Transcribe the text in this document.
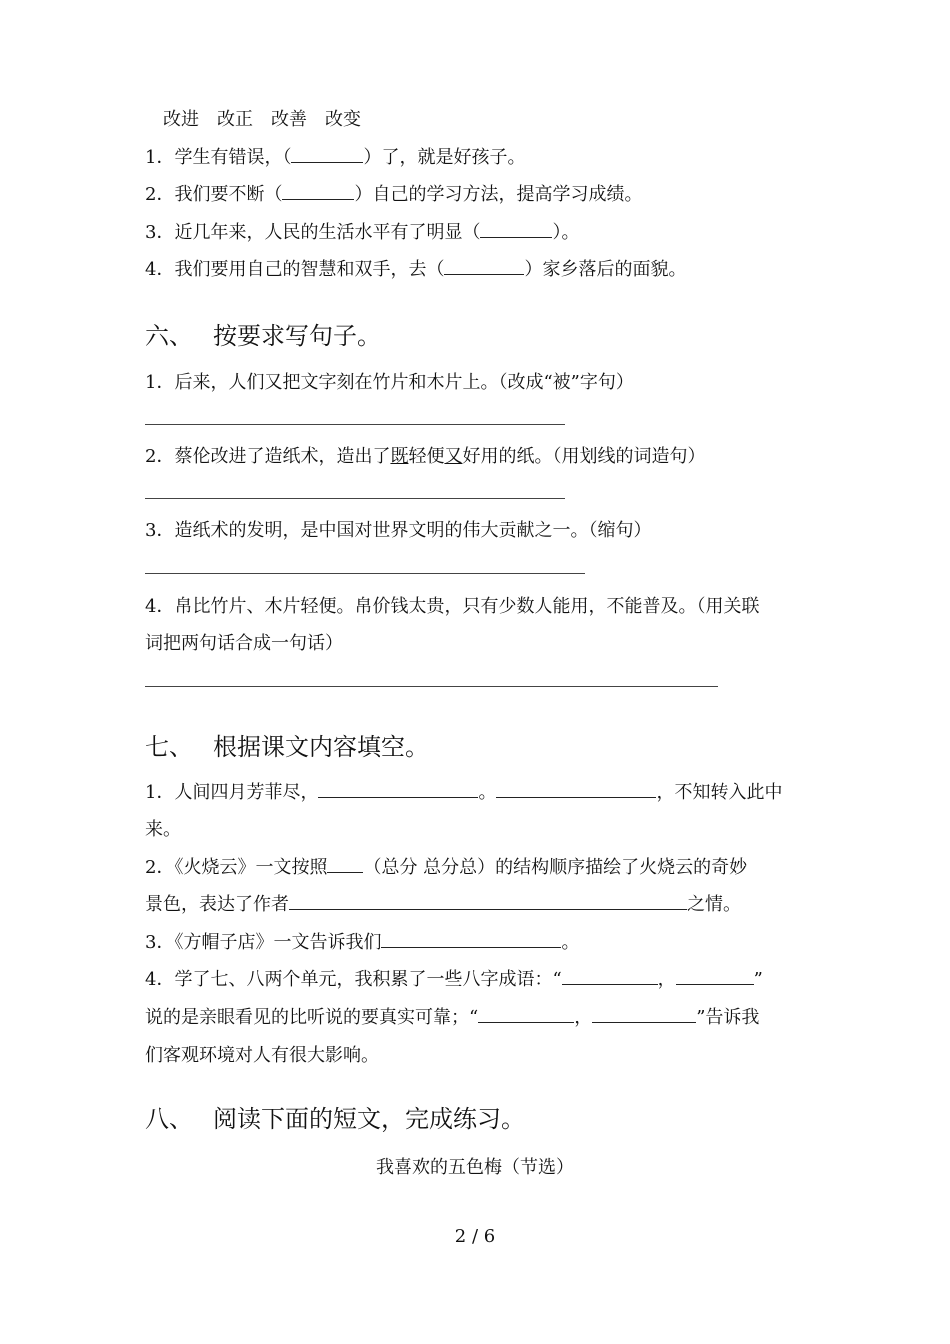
改进 改正 改善 改变
1．学生有错误，（	）了，就是好孩子。
2．我们要不断（	）自己的学习方法，提高学习成绩。
3．近几年来，人民的生活水平有了明显（	）。
4．我们要用自己的智慧和双手，去（	）家乡落后的面貌。
六、 按要求写句子。
1．后来，人们又把文字刻在竹片和木片上。（改成“被”字句）
2．蔡伦改进了造纸术，造出了既轻便又好用的纸。（用划线的词造句）
3．造纸术的发明，是中国对世界文明的伟大贡献之一。（缩句）
4．帛比竹片、木片轻便。帛价钱太贵，只有少数人能用，不能普及。（用关联
词把两句话合成一句话）
七、 根据课文内容填空。
1．人间四月芳菲尽，	。	，不知转入此中
来。
2．《火烧云》一文按照 （总分 总分总）的结构顺序描绘了火烧云的奇妙
景色，表达了作者	之情。
3．《方帽子店》一文告诉我们	。
4．学了七、八两个单元，我积累了一些八字成语：“	，	”
说的是亲眼看见的比听说的要真实可靠；“	，	”告诉我
们客观环境对人有很大影响。
八、 阅读下面的短文，完成练习。
我喜欢的五色梅（节选）
2 / 6
